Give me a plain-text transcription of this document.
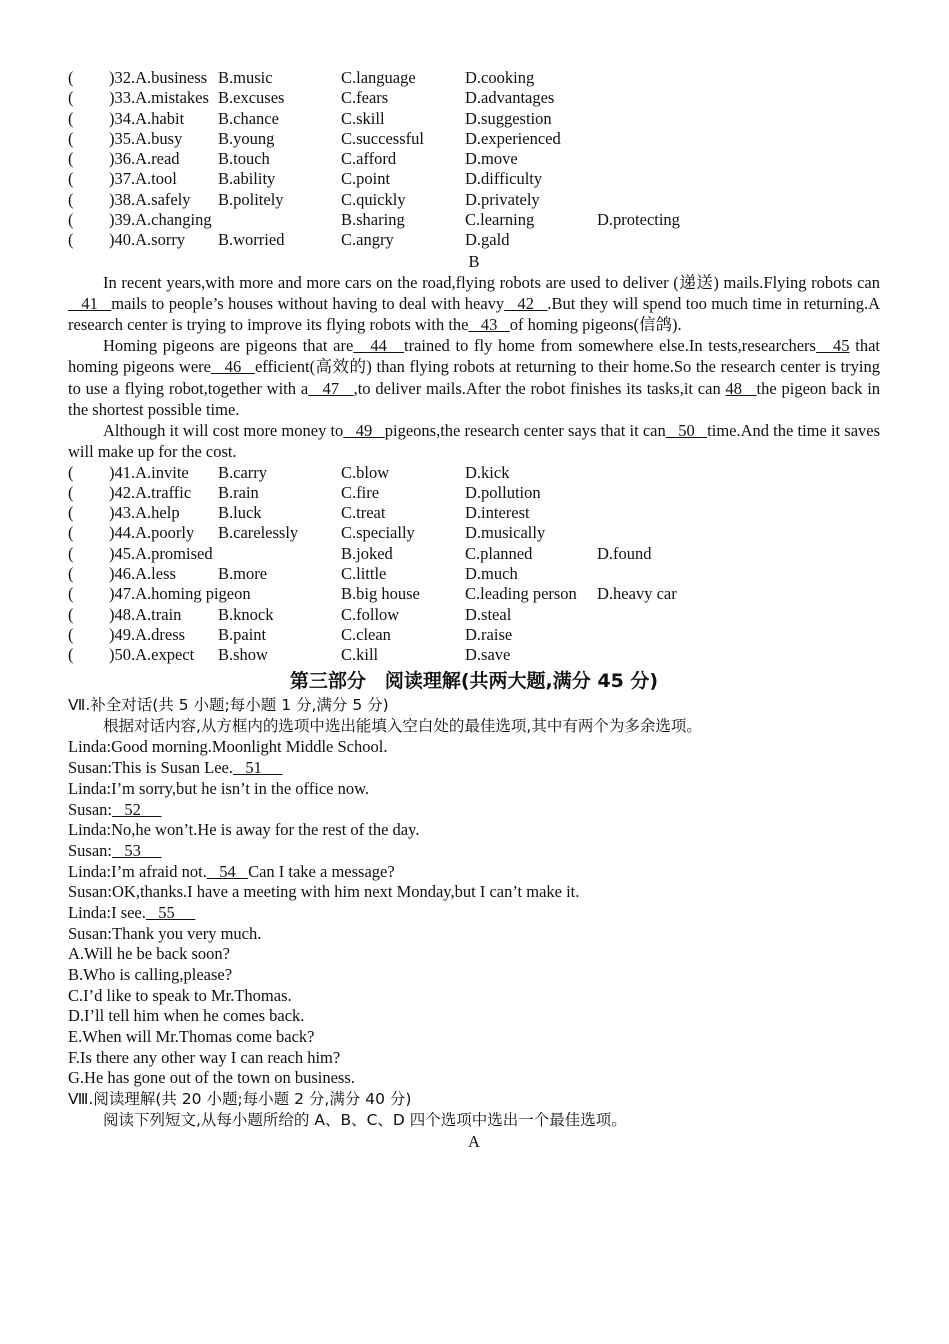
( )32.A.business B.music	C.language	D.cooking
( )33.A.mistakes B.excuses	C.fears	D.advantages
( )34.A.habit B.chance	C.skill	D.suggestion
( )35.A.busy B.young	C.successful D.experienced
( )36.A.read B.touch	C.afford	D.move
( )37.A.tool B.ability	C.point	D.difficulty
( )38.A.safely B.politely	C.quickly	D.privately
( )39.A.changing	B.sharing	C.learning	D.protecting
( )40.A.sorry B.worried	C.angry	D.gald
B

In recent years,with more and more cars on the road,flying robots are used to deliver (递送) mails.Flying robots can   41   mails to people’s houses without having to deal with heavy   42   .But they will spend too much time in returning.A research center is trying to improve its flying robots with the   43   of homing pigeons(信鸽).

Homing pigeons are pigeons that are   44   trained to fly home from somewhere else.In tests,researchers   45 that homing pigeons were   46   efficient(高效的) than flying robots at returning to their home.So the research center is trying to use a flying robot,together with a   47   ,to deliver mails.After the robot finishes its tasks,it can 48   the pigeon back in the shortest possible time.

Although it will cost more money to   49   pigeons,the research center says that it can   50   time.And the time it saves will make up for the cost.

( )41.A.invite B.carry	C.blow	D.kick
( )42.A.traffic B.rain	C.fire	D.pollution
( )43.A.help B.luck	C.treat	D.interest
( )44.A.poorly B.carelessly	C.specially	D.musically
( )45.A.promised	B.joked	C.planned	D.found
( )46.A.less	B.more	C.little	D.much
( )47.A.homing pigeon	B.big house	C.leading person D.heavy car
( )48.A.train B.knock	C.follow	D.steal
( )49.A.dress B.paint	C.clean	D.raise
( )50.A.expect B.show	C.kill	D.save
第三部分　阅读理解(共两大题,满分 45 分)
Ⅶ.补全对话(共 5 小题;每小题 1 分,满分 5 分)
根据对话内容,从方框内的选项中选出能填入空白处的最佳选项,其中有两个为多余选项。
Linda:Good morning.Moonlight Middle School.
Susan:This is Susan Lee.   51
Linda:I’m sorry,but he isn’t in the office now.
Susan:   52
Linda:No,he won’t.He is away for the rest of the day.
Susan:   53
Linda:I’m afraid not.   54   Can I take a message?
Susan:OK,thanks.I have a meeting with him next Monday,but I can’t make it.
Linda:I see.   55
Susan:Thank you very much.
A.Will he be back soon?
B.Who is calling,please?
C.I’d like to speak to Mr.Thomas.
D.I’ll tell him when he comes back.
E.When will Mr.Thomas come back?
F.Is there any other way I can reach him?
G.He has gone out of the town on business.
Ⅷ.阅读理解(共 20 小题;每小题 2 分,满分 40 分)
阅读下列短文,从每小题所给的 A、B、C、D 四个选项中选出一个最佳选项。
A
